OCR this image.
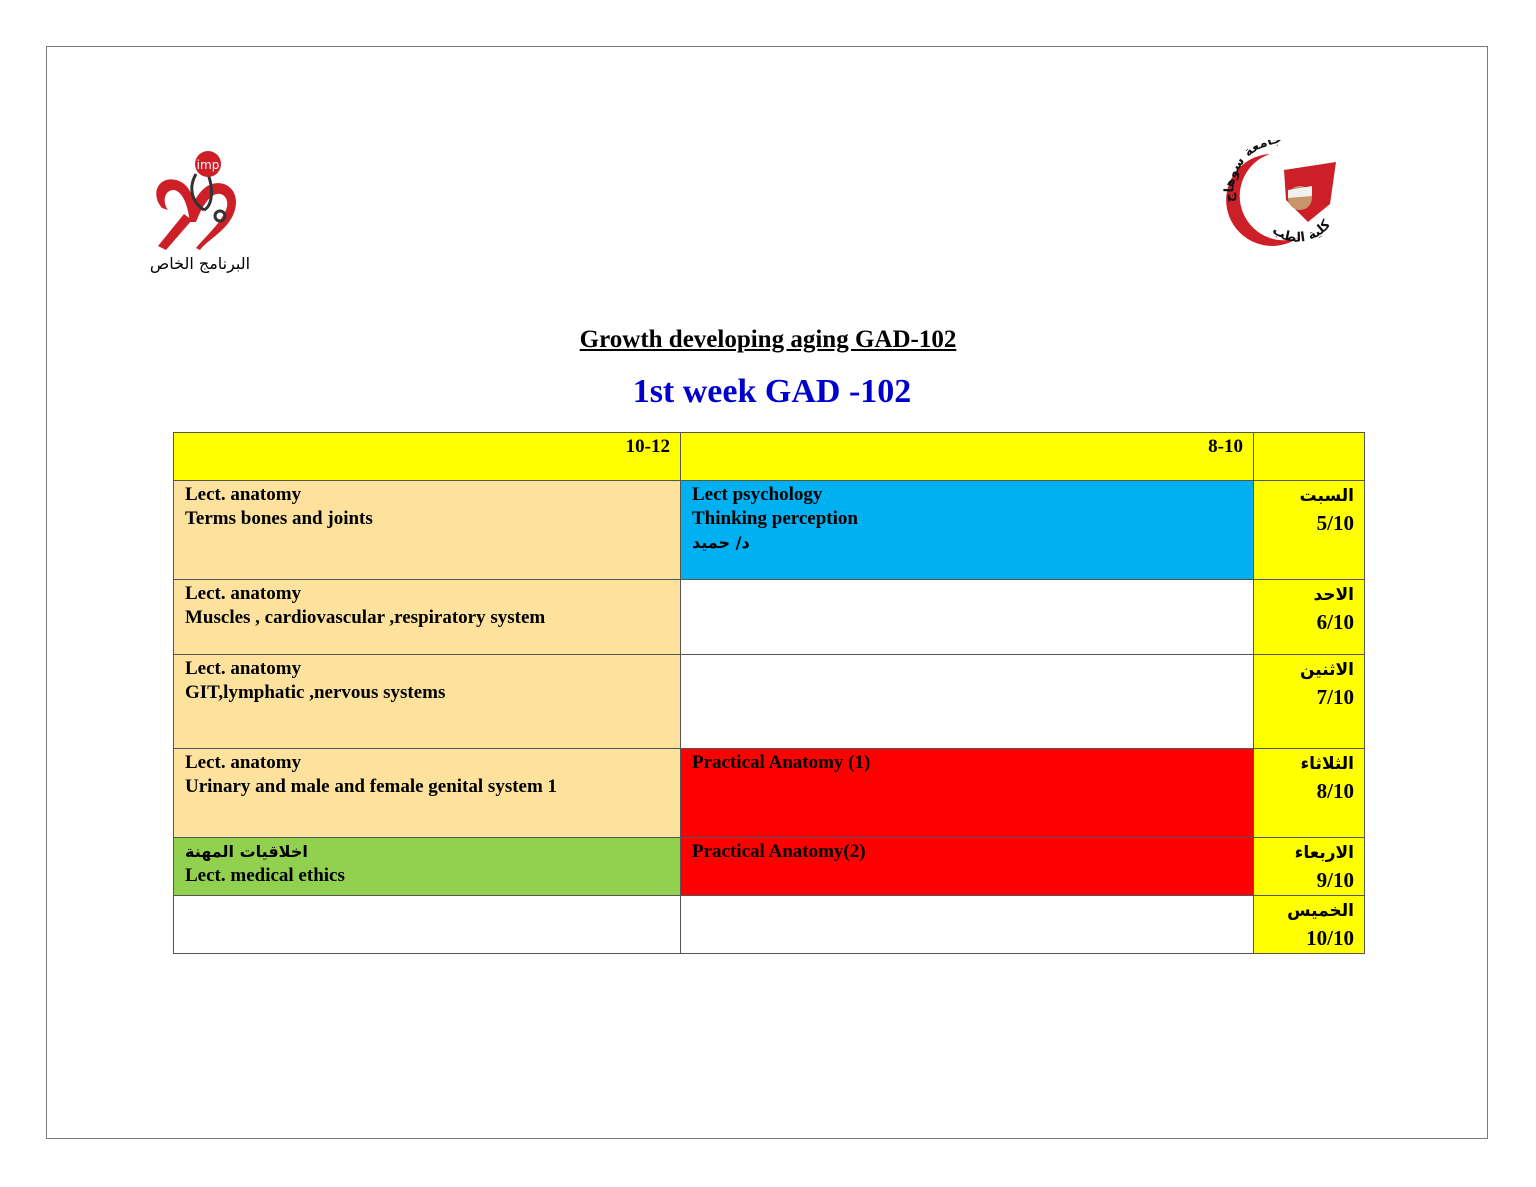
imp
البرنامج الخاص
جامعة سوهاج
كلية الطب
Growth developing aging GAD-102
1st week GAD -102
10-12	8-10	

Lect. anatomy
Terms bones and joints	Lect psychology
Thinking perception
د/ حميد	السبت
5/10

Lect. anatomy
Muscles , cardiovascular ,respiratory system		الاحد
6/10

Lect. anatomy
GIT,lymphatic ,nervous systems		الاثنين
7/10

Lect. anatomy
Urinary and male and female genital system 1	Practical Anatomy (1)	الثلاثاء
8/10

اخلاقيات المهنة
Lect. medical ethics	Practical Anatomy(2)	الاربعاء
9/10

		الخميس
10/10
